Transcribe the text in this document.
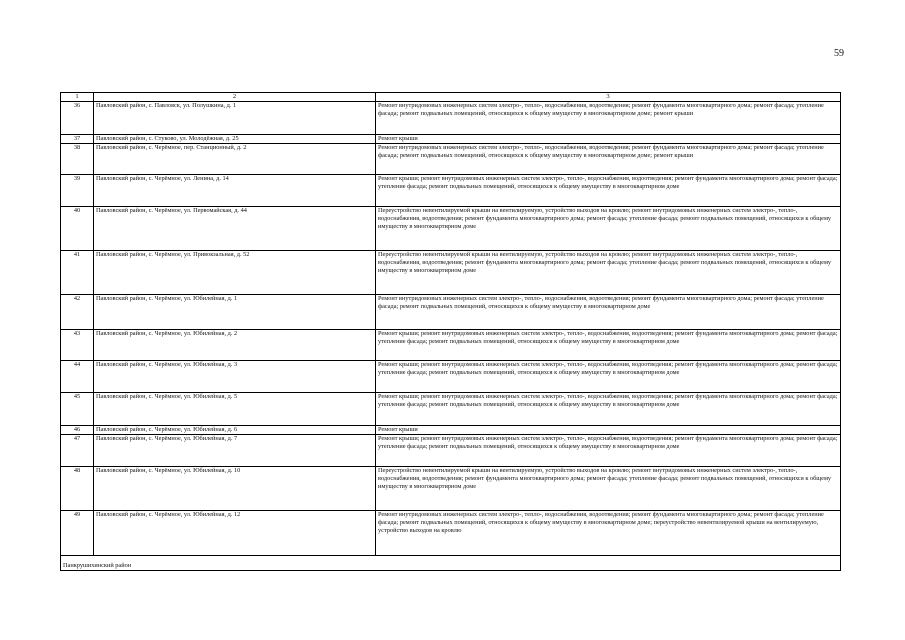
59
1	2	3
36	Павловский район, с. Павловск, ул. Полушкина, д. 1	Ремонт внутридомовых инженерных систем электро-, тепло-, водоснабжения, водоотведения; ремонт фундамента многоквартирного дома; ремонт фасада; утепление фасада; ремонт подвальных помещений, относящихся к общему имуществу в многоквартирном доме; ремонт крыши
37	Павловский район, с. Стуково, ул. Молодёжная, д. 25	Ремонт крыши
38	Павловский район, с. Черёмное, пер. Станционный, д. 2	Ремонт внутридомовых инженерных систем электро-, тепло-, водоснабжения, водоотведения; ремонт фундамента многоквартирного дома; ремонт фасада; утепление фасада; ремонт подвальных помещений, относящихся к общему имуществу в многоквартирном доме; ремонт крыши
39	Павловский район, с. Черёмное, ул. Ленина, д. 14	Ремонт крыши; ремонт внутридомовых инженерных систем электро-, тепло-, водоснабжения, водоотведения; ремонт фундамента многоквартирного дома; ремонт фасада; утепление фасада; ремонт подвальных помещений, относящихся к общему имуществу в многоквартирном доме
40	Павловский район, с. Черёмное, ул. Первомайская, д. 44	Переустройство невентилируемой крыши на вентилируемую, устройство выходов на кровлю; ремонт внутридомовых инженерных систем электро-, тепло-, водоснабжения, водоотведения; ремонт фундамента многоквартирного дома; ремонт фасада; утепление фасада; ремонт подвальных помещений, относящихся к общему имуществу в многоквартирном доме
41	Павловский район, с. Черёмное, ул. Привокзальная, д. 52	Переустройство невентилируемой крыши на вентилируемую, устройство выходов на кровлю; ремонт внутридомовых инженерных систем электро-, тепло-, водоснабжения, водоотведения; ремонт фундамента многоквартирного дома; ремонт фасада; утепление фасада; ремонт подвальных помещений, относящихся к общему имуществу в многоквартирном доме
42	Павловский район, с. Черёмное, ул. Юбилейная, д. 1	Ремонт внутридомовых инженерных систем электро-, тепло-, водоснабжения, водоотведения; ремонт фундамента многоквартирного дома; ремонт фасада; утепление фасада; ремонт подвальных помещений, относящихся к общему имуществу в многоквартирном доме
43	Павловский район, с. Черёмное, ул. Юбилейная, д. 2	Ремонт крыши; ремонт внутридомовых инженерных систем электро-, тепло-, водоснабжения, водоотведения; ремонт фундамента многоквартирного дома; ремонт фасада; утепление фасада; ремонт подвальных помещений, относящихся к общему имуществу в многоквартирном доме
44	Павловский район, с. Черёмное, ул. Юбилейная, д. 3	Ремонт крыши; ремонт внутридомовых инженерных систем электро-, тепло-, водоснабжения, водоотведения; ремонт фундамента многоквартирного дома; ремонт фасада; утепление фасада; ремонт подвальных помещений, относящихся к общему имуществу в многоквартирном доме
45	Павловский район, с. Черёмное, ул. Юбилейная, д. 5	Ремонт крыши; ремонт внутридомовых инженерных систем электро-, тепло-, водоснабжения, водоотведения; ремонт фундамента многоквартирного дома; ремонт фасада; утепление фасада; ремонт подвальных помещений, относящихся к общему имуществу в многоквартирном доме
46	Павловский район, с. Черёмное, ул. Юбилейная, д. 6	Ремонт крыши
47	Павловский район, с. Черёмное, ул. Юбилейная, д. 7	Ремонт крыши; ремонт внутридомовых инженерных систем электро-, тепло-, водоснабжения, водоотведения; ремонт фундамента многоквартирного дома; ремонт фасада; утепление фасада; ремонт подвальных помещений, относящихся к общему имуществу в многоквартирном доме
48	Павловский район, с. Черёмное, ул. Юбилейная, д. 10	Переустройство невентилируемой крыши на вентилируемую, устройство выходов на кровлю; ремонт внутридомовых инженерных систем электро-, тепло-, водоснабжения, водоотведения; ремонт фундамента многоквартирного дома; ремонт фасада; утепление фасада; ремонт подвальных помещений, относящихся к общему имуществу в многоквартирном доме
49	Павловский район, с. Черёмное, ул. Юбилейная, д. 12	Ремонт внутридомовых инженерных систем электро-, тепло-, водоснабжения, водоотведения; ремонт фундамента многоквартирного дома; ремонт фасада; утепление фасада; ремонт подвальных помещений, относящихся к общему имуществу в многоквартирном доме; переустройство невентилируемой крыши на вентилируемую, устройство выходов на кровлю
Панкрушихинский район		
